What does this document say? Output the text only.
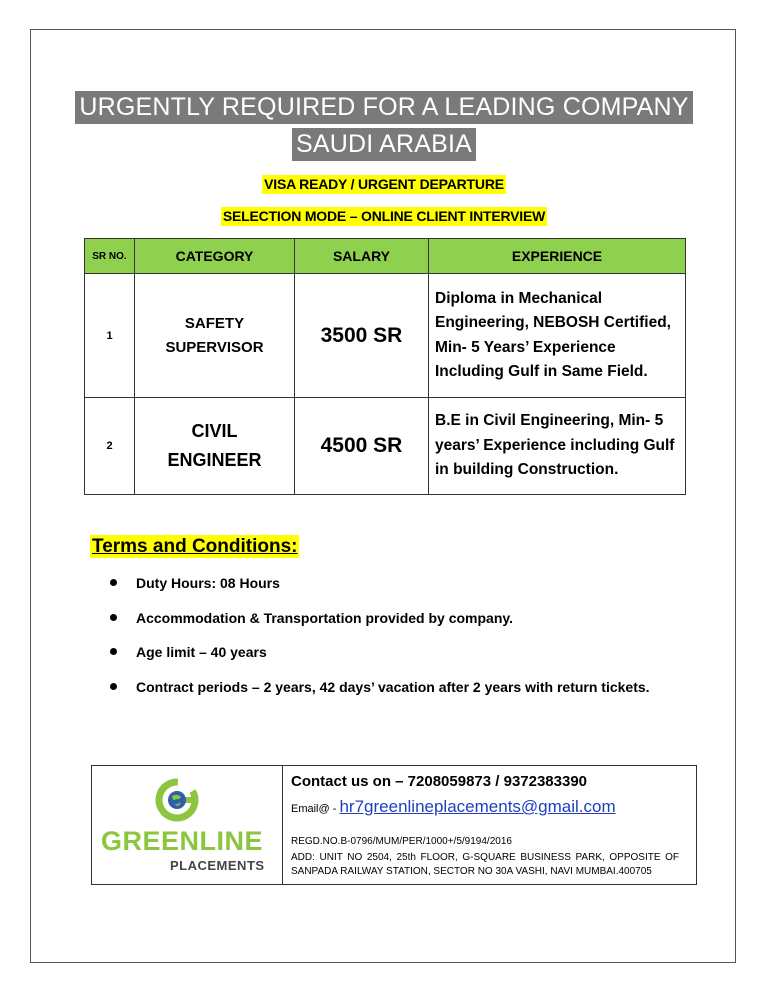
URGENTLY REQUIRED FOR A LEADING COMPANY
SAUDI ARABIA
VISA READY / URGENT DEPARTURE
SELECTION MODE – ONLINE CLIENT INTERVIEW
SR NO.	CATEGORY	SALARY	EXPERIENCE
1	SAFETY SUPERVISOR	3500 SR	Diploma in Mechanical Engineering, NEBOSH Certified, Min- 5 Years’ Experience Including Gulf in Same Field.
2	CIVIL ENGINEER	4500 SR	B.E in Civil Engineering, Min- 5 years’ Experience including Gulf in building Construction.
Terms and Conditions:
Duty Hours: 08 Hours
Accommodation & Transportation provided by company.
Age limit – 40 years
Contract periods – 2 years, 42 days’ vacation after 2 years with return tickets.
GREENLINE
PLACEMENTS
Contact us on – 7208059873 / 9372383390
Email@ - hr7greenlineplacements@gmail.com
REGD.NO.B-0796/MUM/PER/1000+/5/9194/2016
ADD: UNIT NO 2504, 25th FLOOR, G-SQUARE BUSINESS PARK, OPPOSITE OF SANPADA RAILWAY STATION, SECTOR NO 30A VASHI, NAVI MUMBAI.400705
